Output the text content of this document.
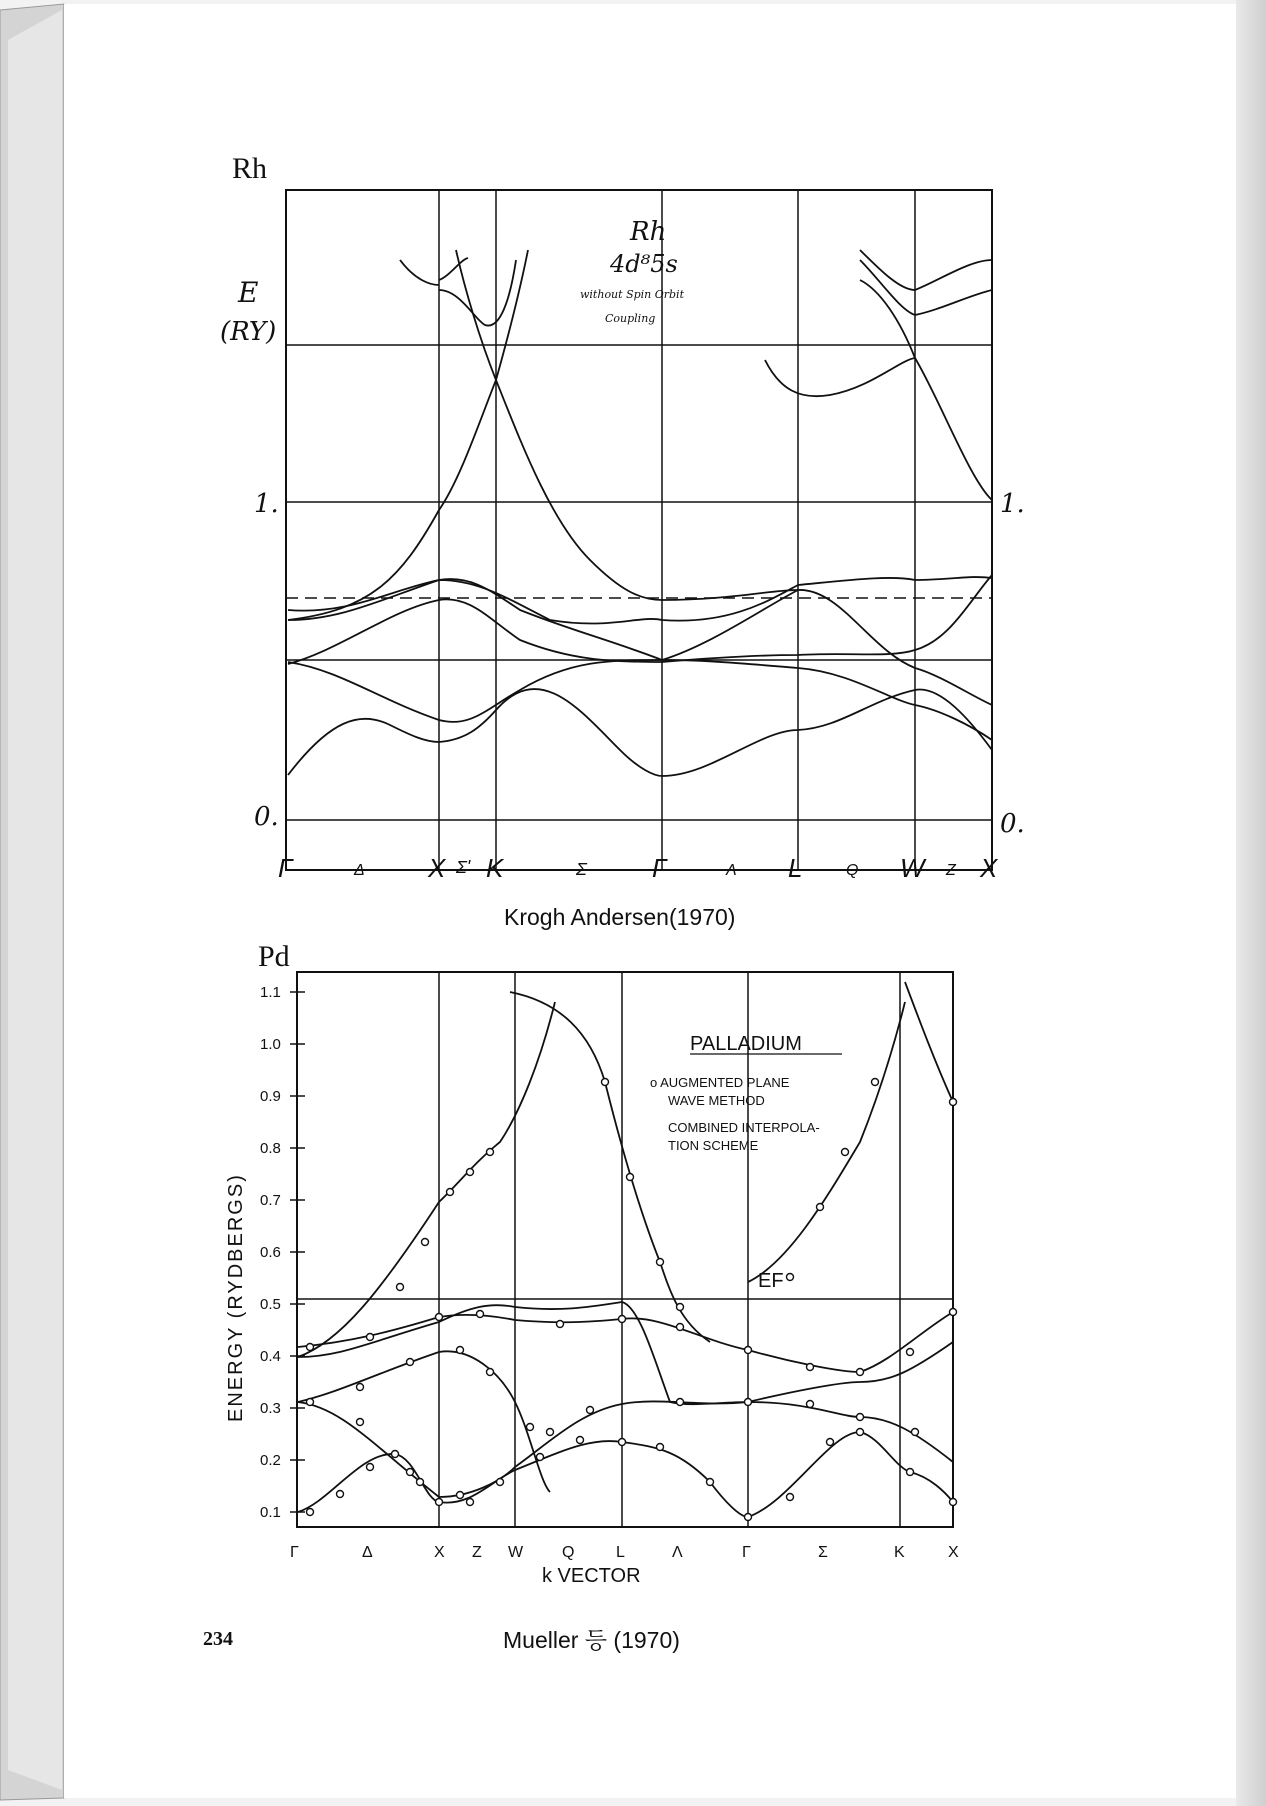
Rh
Rh
4d⁸5s
without Spin Orbit
Coupling
E
(RY)
1.
0.
1.
0.
Γ	Δ X Σ' K	Σ	Γ	Λ L	Q W Z X
Krogh Andersen(1970)
Pd
1.1
1.0
0.9
0.8
0.7
0.6
0.5
0.4
0.3
0.2
0.1
ENERGY (RYDBERGS)
PALLADIUM
o AUGMENTED PLANE
WAVE METHOD
COMBINED INTERPOLA-
TION SCHEME
EF
Γ	Δ	X Z W Q	L	Λ	Γ	Σ	K	X
k VECTOR
Mueller 등 (1970)
234
